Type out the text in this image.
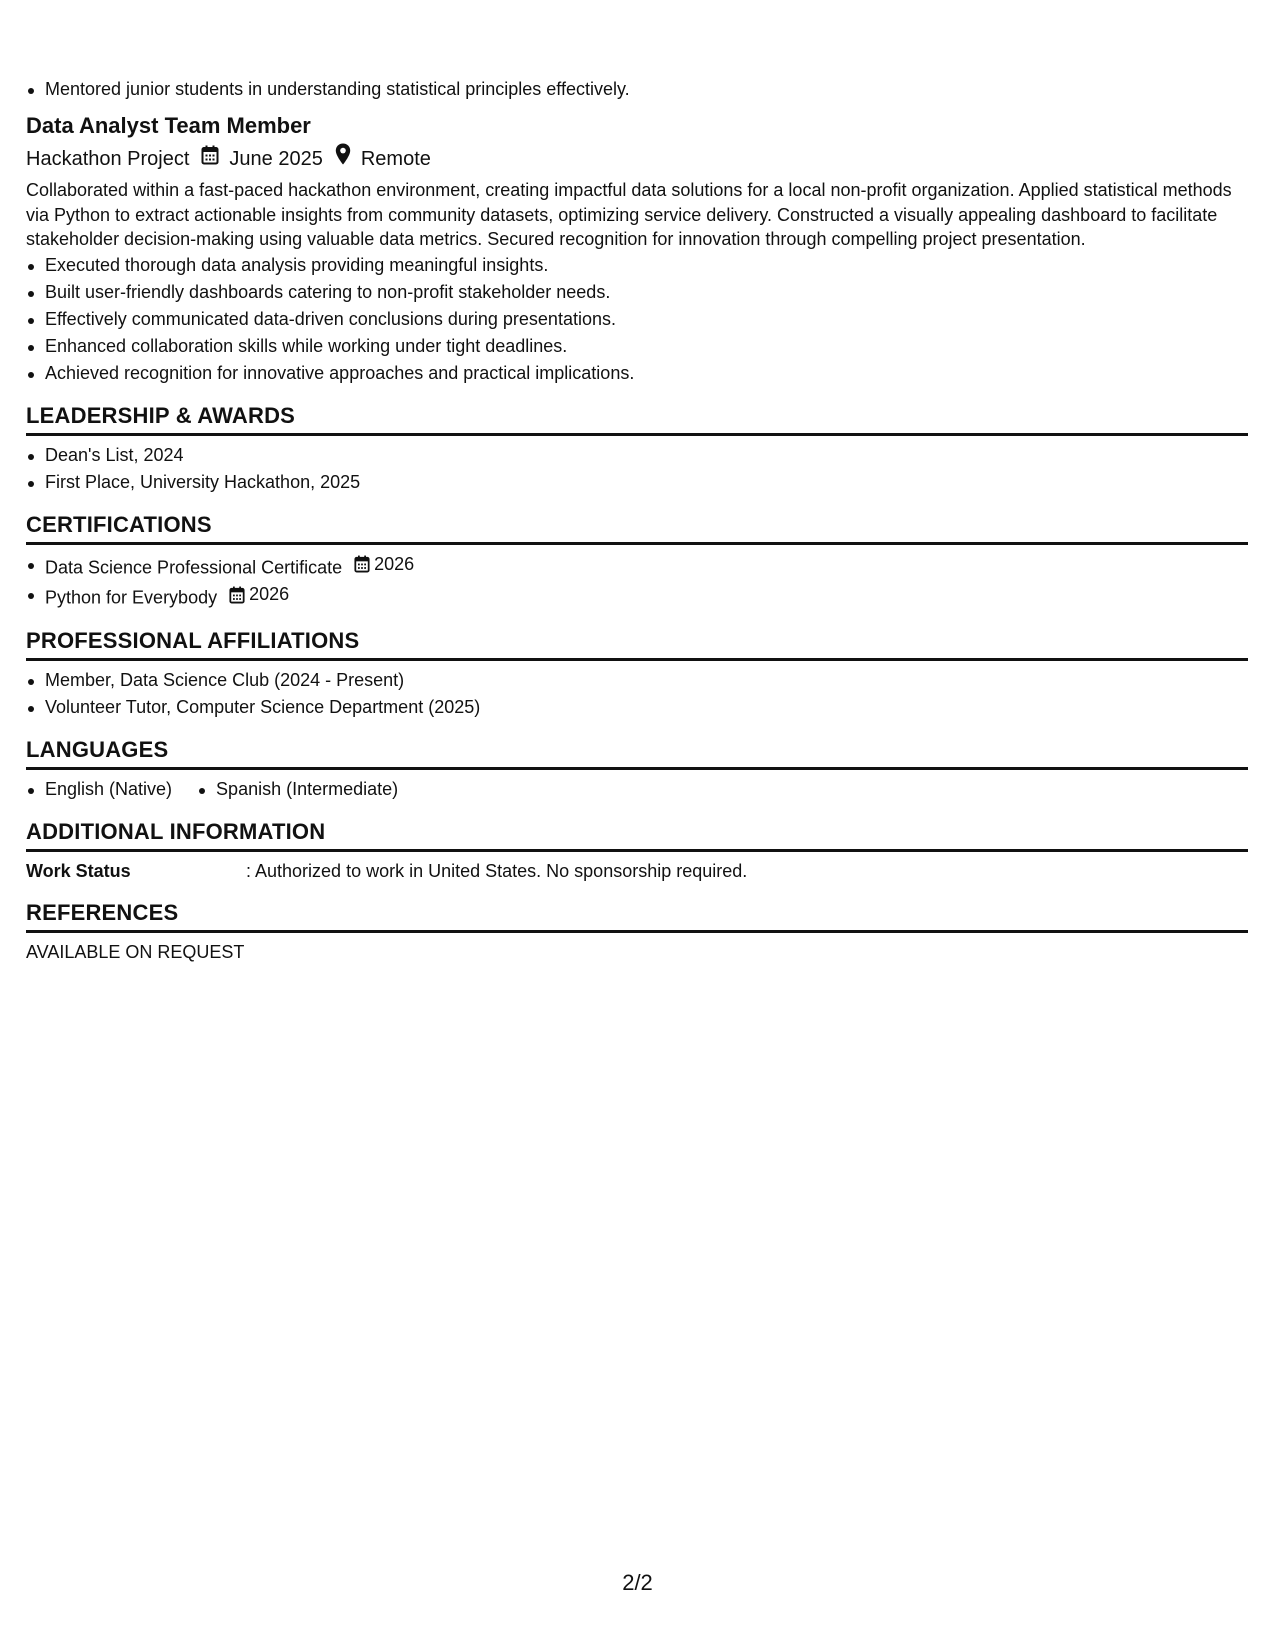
Mentored junior students in understanding statistical principles effectively.
Data Analyst Team Member
Hackathon Project June 2025 Remote
Collaborated within a fast-paced hackathon environment, creating impactful data solutions for a local non-profit organization. Applied statistical methods via Python to extract actionable insights from community datasets, optimizing service delivery. Constructed a visually appealing dashboard to facilitate stakeholder decision-making using valuable data metrics. Secured recognition for innovation through compelling project presentation.
Executed thorough data analysis providing meaningful insights.
Built user-friendly dashboards catering to non-profit stakeholder needs.
Effectively communicated data-driven conclusions during presentations.
Enhanced collaboration skills while working under tight deadlines.
Achieved recognition for innovative approaches and practical implications.
LEADERSHIP & AWARDS
Dean's List, 2024
First Place, University Hackathon, 2025
CERTIFICATIONS
Data Science Professional Certificate 2026
Python for Everybody 2026
PROFESSIONAL AFFILIATIONS
Member, Data Science Club (2024 - Present)
Volunteer Tutor, Computer Science Department (2025)
LANGUAGES
English (Native) Spanish (Intermediate)
ADDITIONAL INFORMATION
Work Status	: Authorized to work in United States. No sponsorship required.
REFERENCES
AVAILABLE ON REQUEST
2/2
